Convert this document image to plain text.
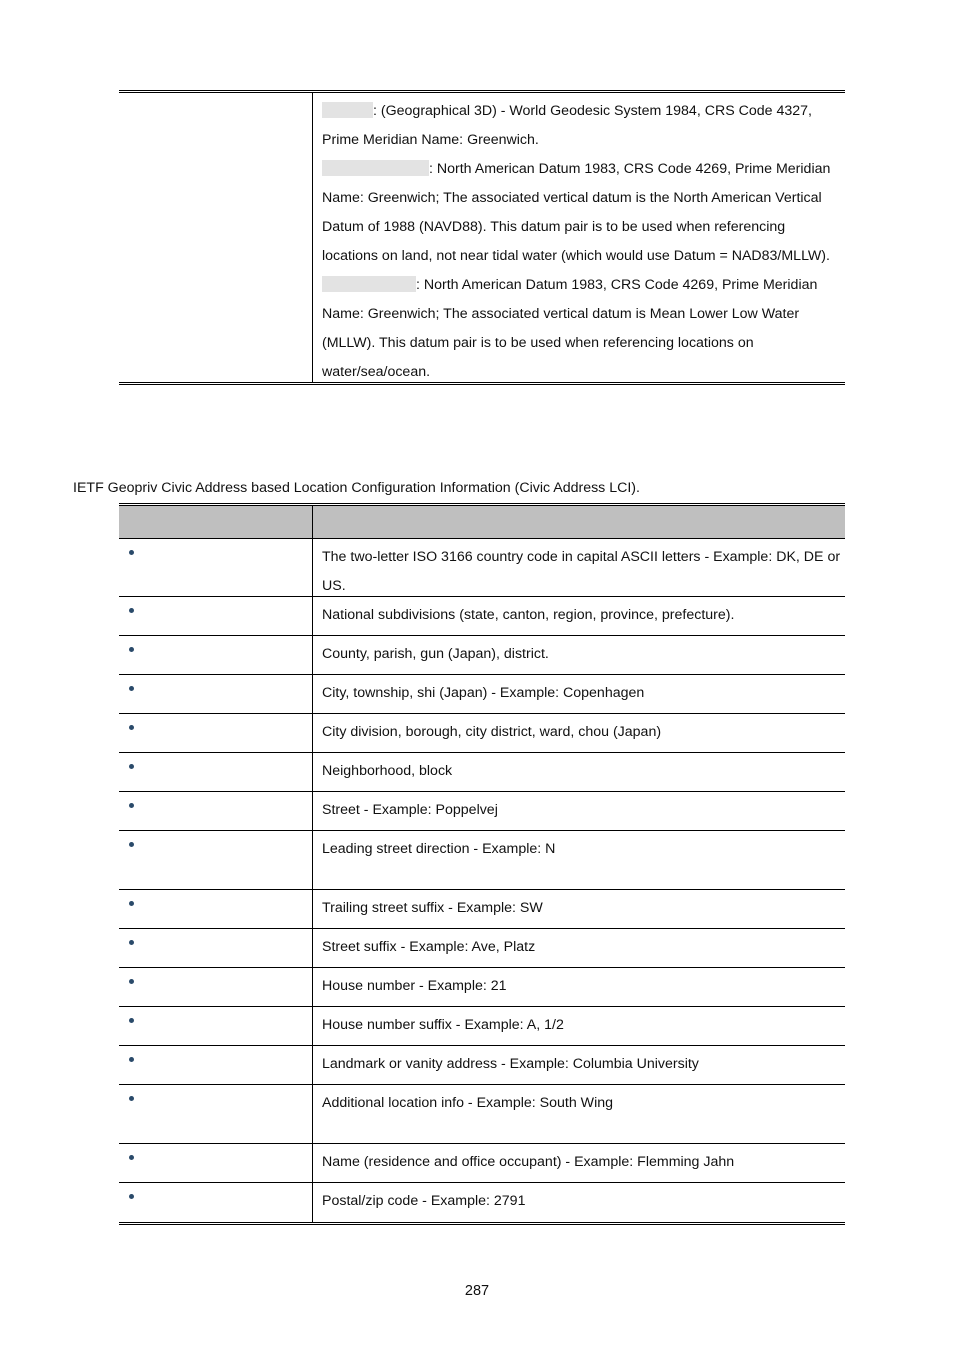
: (Geographical 3D) - World Geodesic System 1984, CRS Code 4327, Prime Meridian Name: Greenwich.
: North American Datum 1983, CRS Code 4269, Prime Meridian Name: Greenwich; The associated vertical datum is the North American Vertical Datum of 1988 (NAVD88). This datum pair is to be used when referencing locations on land, not near tidal water (which would use Datum = NAD83/MLLW).
: North American Datum 1983, CRS Code 4269, Prime Meridian Name: Greenwich; The associated vertical datum is Mean Lower Low Water (MLLW). This datum pair is to be used when referencing locations on water/sea/ocean.
IETF Geopriv Civic Address based Location Configuration Information (Civic Address LCI).
The two-letter ISO 3166 country code in capital ASCII letters - Example: DK, DE or US.
National subdivisions (state, canton, region, province, prefecture).
County, parish, gun (Japan), district.
City, township, shi (Japan) - Example: Copenhagen
City division, borough, city district, ward, chou (Japan)
Neighborhood, block
Street - Example: Poppelvej
Leading street direction - Example: N
Trailing street suffix - Example: SW
Street suffix - Example: Ave, Platz
House number - Example: 21
House number suffix - Example: A, 1/2
Landmark or vanity address - Example: Columbia University
Additional location info - Example: South Wing
Name (residence and office occupant) - Example: Flemming Jahn
Postal/zip code - Example: 2791
287
